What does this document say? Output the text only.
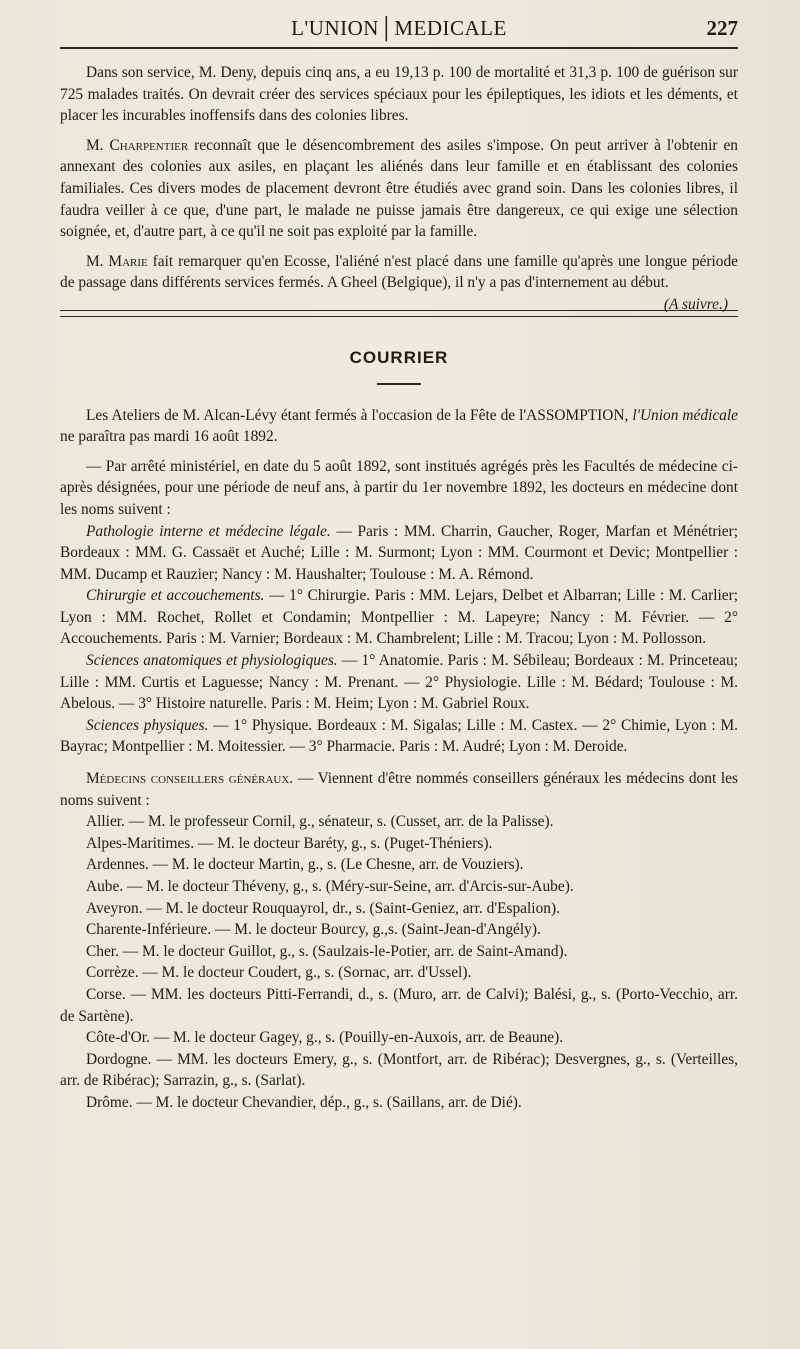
L'UNION│MEDICALE	227

Dans son service, M. Deny, depuis cinq ans, a eu 19,13 p. 100 de mortalité et 31,3 p. 100 de guérison sur 725 malades traités. On devrait créer des services spéciaux pour les épileptiques, les idiots et les déments, et placer les incurables inoffensifs dans des colonies libres.

M. Charpentier reconnaît que le désencombrement des asiles s'impose. On peut arriver à l'obtenir en annexant des colonies aux asiles, en plaçant les aliénés dans leur famille et en établissant des colonies familiales. Ces divers modes de placement devront être étudiés avec grand soin. Dans les colonies libres, il faudra veiller à ce que, d'une part, le malade ne puisse jamais être dangereux, ce qui exige une sélection soignée, et, d'autre part, à ce qu'il ne soit pas exploité par la famille.

M. Marie fait remarquer qu'en Ecosse, l'aliéné n'est placé dans une famille qu'après une longue période de passage dans différents services fermés. A Gheel (Belgique), il n'y a pas d'internement au début.
(A suivre.)

COURRIER

Les Ateliers de M. Alcan-Lévy étant fermés à l'occasion de la Fête de l'ASSOMPTION, l'Union médicale ne paraîtra pas mardi 16 août 1892.

— Par arrêté ministériel, en date du 5 août 1892, sont institués agrégés près les Facultés de médecine ci-après désignées, pour une période de neuf ans, à partir du 1er novembre 1892, les docteurs en médecine dont les noms suivent :

Pathologie interne et médecine légale. — Paris : MM. Charrin, Gaucher, Roger, Marfan et Ménétrier; Bordeaux : MM. G. Cassaët et Auché; Lille : M. Surmont; Lyon : MM. Courmont et Devic; Montpellier : MM. Ducamp et Rauzier; Nancy : M. Haushalter; Toulouse : M. A. Rémond.

Chirurgie et accouchements. — 1° Chirurgie. Paris : MM. Lejars, Delbet et Albarran; Lille : M. Carlier; Lyon : MM. Rochet, Rollet et Condamin; Montpellier : M. Lapeyre; Nancy : M. Février. — 2° Accouchements. Paris : M. Varnier; Bordeaux : M. Chambrelent; Lille : M. Tracou; Lyon : M. Pollosson.

Sciences anatomiques et physiologiques. — 1° Anatomie. Paris : M. Sébileau; Bordeaux : M. Princeteau; Lille : MM. Curtis et Laguesse; Nancy : M. Prenant. — 2° Physiologie. Lille : M. Bédard; Toulouse : M. Abelous. — 3° Histoire naturelle. Paris : M. Heim; Lyon : M. Gabriel Roux.

Sciences physiques. — 1° Physique. Bordeaux : M. Sigalas; Lille : M. Castex. — 2° Chimie, Lyon : M. Bayrac; Montpellier : M. Moitessier. — 3° Pharmacie. Paris : M. Audré; Lyon : M. Deroide.

Médecins conseillers généraux. — Viennent d'être nommés conseillers généraux les médecins dont les noms suivent :

Allier. — M. le professeur Cornil, g., sénateur, s. (Cusset, arr. de la Palisse).

Alpes-Maritimes. — M. le docteur Baréty, g., s. (Puget-Théniers).

Ardennes. — M. le docteur Martin, g., s. (Le Chesne, arr. de Vouziers).

Aube. — M. le docteur Théveny, g., s. (Méry-sur-Seine, arr. d'Arcis-sur-Aube).

Aveyron. — M. le docteur Rouquayrol, dr., s. (Saint-Geniez, arr. d'Espalion).

Charente-Inférieure. — M. le docteur Bourcy, g.,s. (Saint-Jean-d'Angély).

Cher. — M. le docteur Guillot, g., s. (Saulzais-le-Potier, arr. de Saint-Amand).

Corrèze. — M. le docteur Coudert, g., s. (Sornac, arr. d'Ussel).

Corse. — MM. les docteurs Pitti-Ferrandi, d., s. (Muro, arr. de Calvi); Balési, g., s. (Porto-Vecchio, arr. de Sartène).

Côte-d'Or. — M. le docteur Gagey, g., s. (Pouilly-en-Auxois, arr. de Beaune).

Dordogne. — MM. les docteurs Emery, g., s. (Montfort, arr. de Ribérac); Desvergnes, g., s. (Verteilles, arr. de Ribérac); Sarrazin, g., s. (Sarlat).

Drôme. — M. le docteur Chevandier, dép., g., s. (Saillans, arr. de Dié).
